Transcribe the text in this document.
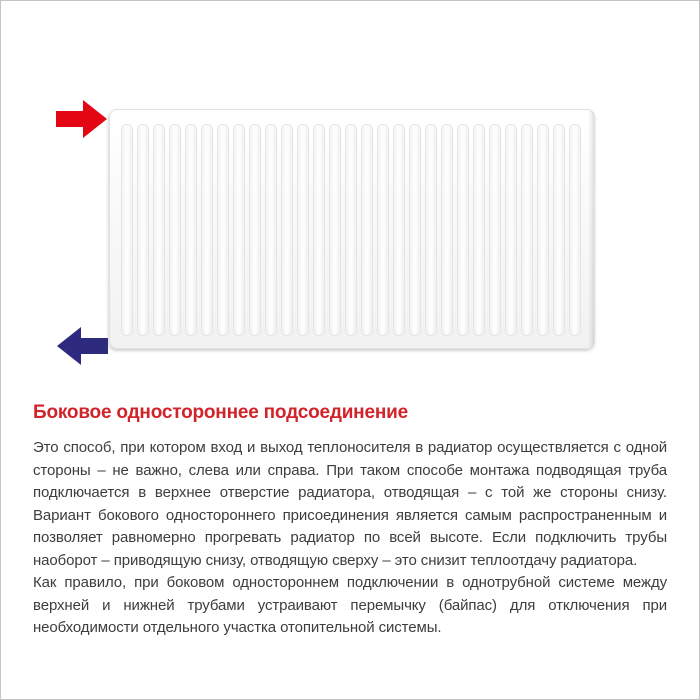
Боковое одностороннее подсоединение

Это способ, при котором вход и выход теплоносителя в радиатор осуществляется с одной стороны – не важно, слева или справа. При таком способе монтажа подводящая труба подключается в верхнее отверстие радиатора, отводящая – с той же стороны снизу. Вариант бокового одностороннего присоединения является самым распространенным и позволяет равномерно прогревать радиатор по всей высоте. Если подключить трубы наоборот – приводящую снизу, отводящую сверху – это снизит теплоотдачу радиатора.

Как правило, при боковом одностороннем подключении в однотрубной системе между верхней и нижней трубами устраивают перемычку (байпас) для отключения при необходимости отдельного участка отопительной системы.
